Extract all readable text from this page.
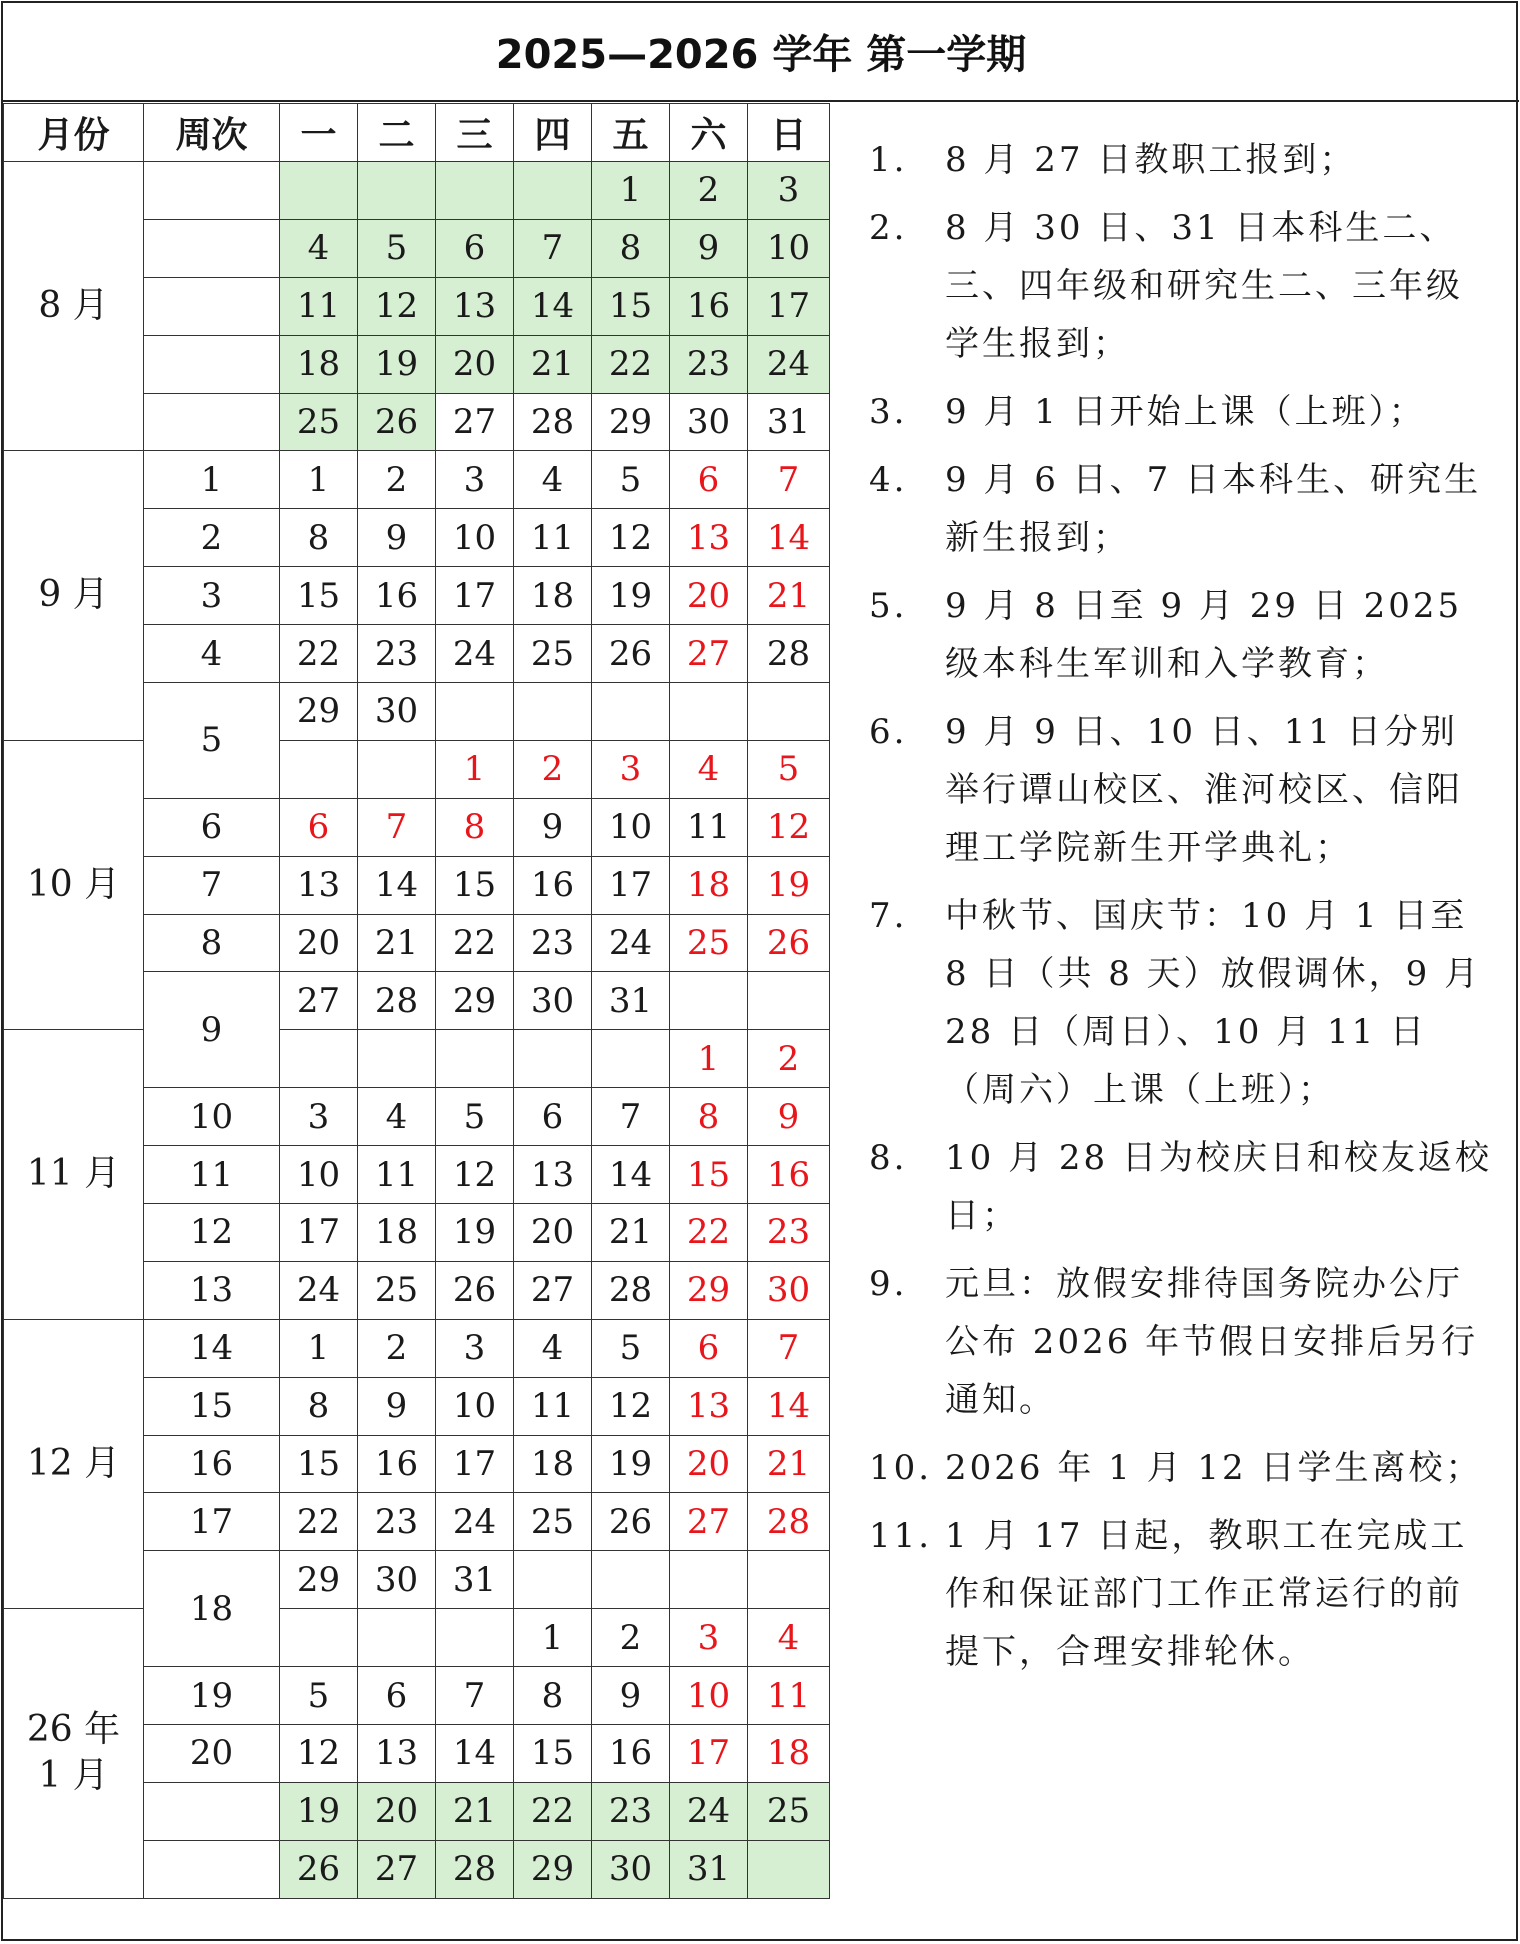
2025—2026 学年 第一学期
月份	周次	一	二	三	四	五	六	日
8 月						1	2	3
		4	5	6	7	8	9	10
		11	12	13	14	15	16	17
		18	19	20	21	22	23	24
		25	26	27	28	29	30	31
9 月	1	1	2	3	4	5	6	7
	2	8	9	10	11	12	13	14
	3	15	16	17	18	19	20	21
	4	22	23	24	25	26	27	28
	5	29	30					
10 月				1	2	3	4	5
	6	6	7	8	9	10	11	12
	7	13	14	15	16	17	18	19
	8	20	21	22	23	24	25	26
	9	27	28	29	30	31		
11 月							1	2
	10	3	4	5	6	7	8	9
	11	10	11	12	13	14	15	16
	12	17	18	19	20	21	22	23
	13	24	25	26	27	28	29	30
12 月	14	1	2	3	4	5	6	7
	15	8	9	10	11	12	13	14
	16	15	16	17	18	19	20	21
	17	22	23	24	25	26	27	28
	18	29	30	31				
26 年
1 月					1	2	3	4
	19	5	6	7	8	9	10	11
	20	12	13	14	15	16	17	18
		19	20	21	22	23	24	25
		26	27	28	29	30	31	
1. 8 月 27 日教职工报到；
2. 8 月 30 日、31 日本科生二、三、四年级和研究生二、三年级学生报到；
3. 9 月 1 日开始上课（上班）；
4. 9 月 6 日、7 日本科生、研究生新生报到；
5. 9 月 8 日至 9 月 29 日 2025 级本科生军训和入学教育；
6. 9 月 9 日、10 日、11 日分别举行谭山校区、淮河校区、信阳理工学院新生开学典礼；
7. 中秋节、国庆节：10 月 1 日至 8 日（共 8 天）放假调休，9 月 28 日（周日）、10 月 11 日（周六）上课（上班）；
8. 10 月 28 日为校庆日和校友返校日；
9. 元旦：放假安排待国务院办公厅公布 2026 年节假日安排后另行通知。
10. 2026 年 1 月 12 日学生离校；
11. 1 月 17 日起，教职工在完成工作和保证部门工作正常运行的前提下，合理安排轮休。
